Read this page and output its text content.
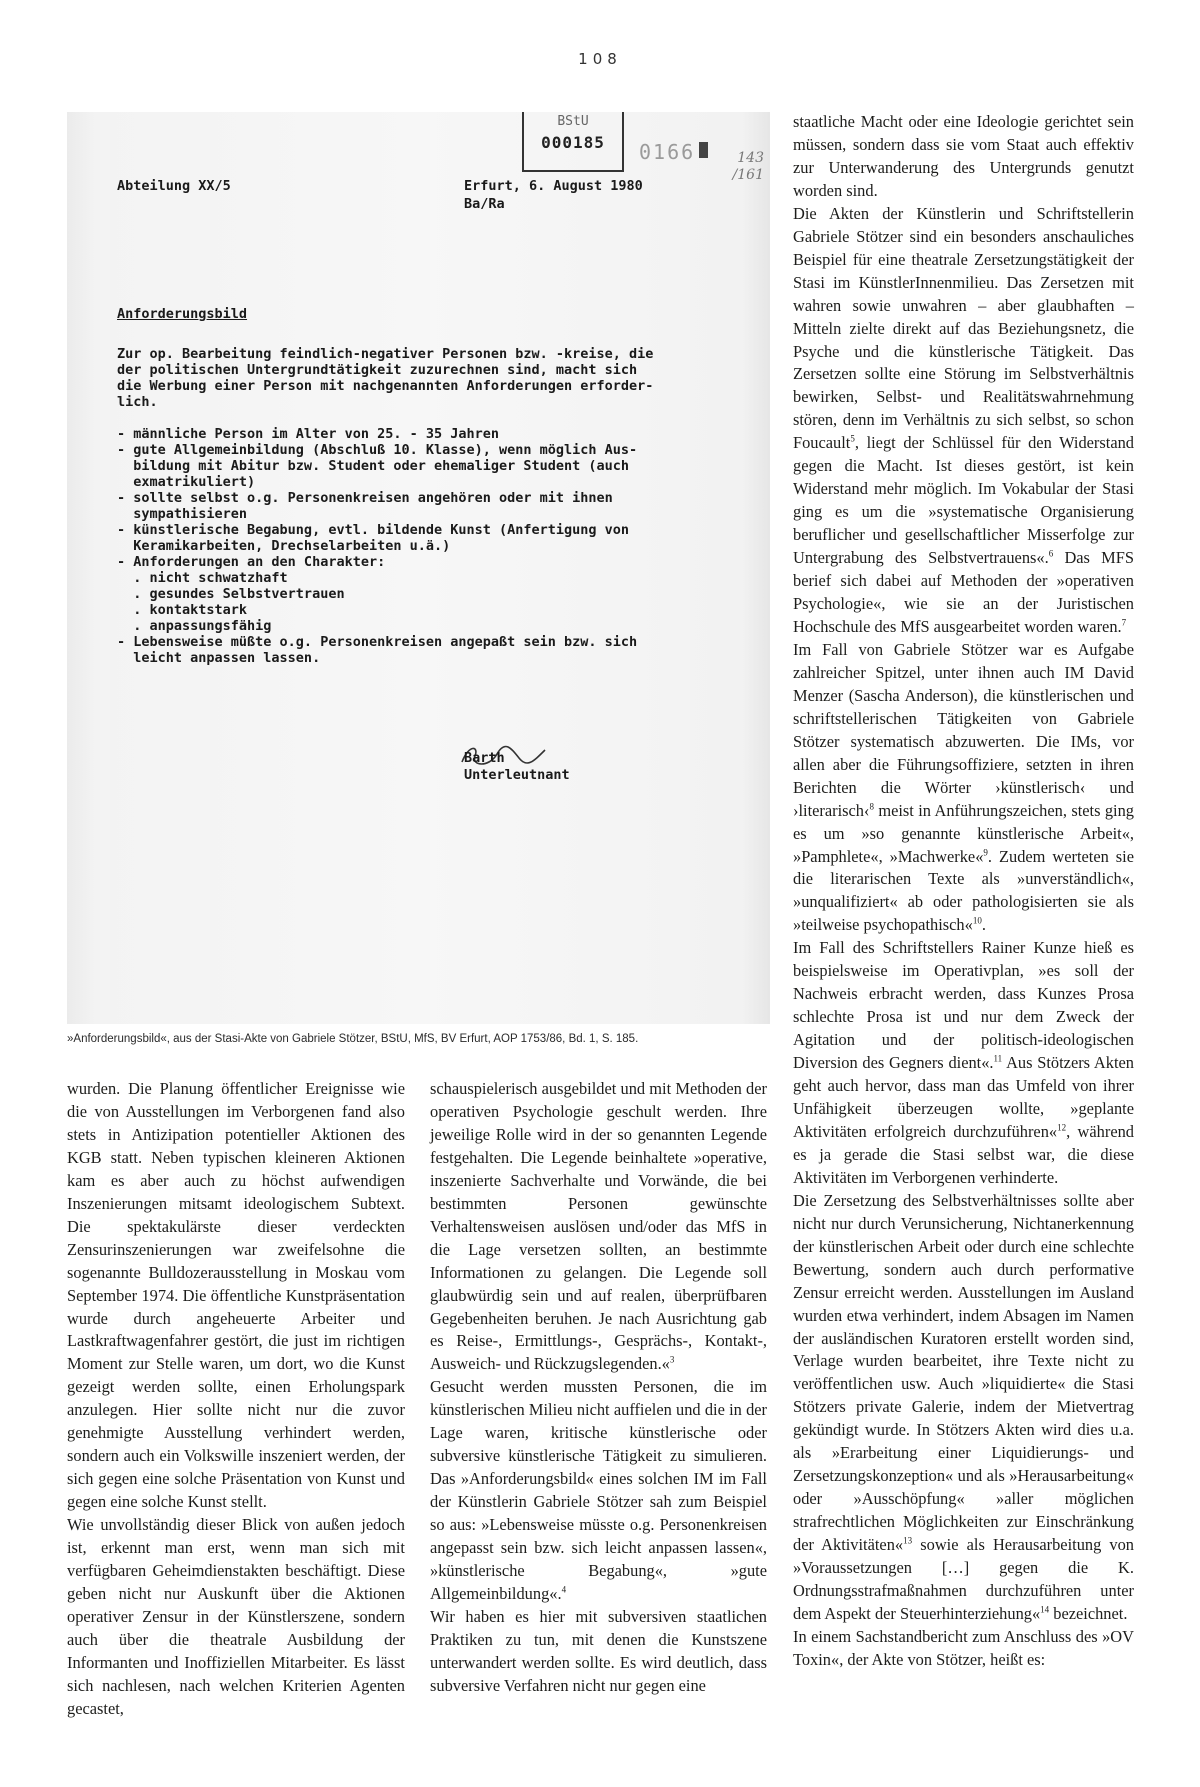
108
BStU
000185	0166	143 /161
Abteilung XX/5	Erfurt, 6. August 1980
Ba/Ra
Anforderungsbild
Zur op. Bearbeitung feindlich-negativer Personen bzw. -kreise, die
der politischen Untergrundtätigkeit zuzurechnen sind, macht sich
die Werbung einer Person mit nachgenannten Anforderungen erforder-
lich.
- männliche Person im Alter von 25. - 35 Jahren
- gute Allgemeinbildung (Abschluß 10. Klasse), wenn möglich Aus-
bildung mit Abitur bzw. Student oder ehemaliger Student (auch
exmatrikuliert)
- sollte selbst o.g. Personenkreisen angehören oder mit ihnen
sympathisieren
- künstlerische Begabung, evtl. bildende Kunst (Anfertigung von
Keramikarbeiten, Drechselarbeiten u.ä.)
- Anforderungen an den Charakter:
. nicht schwatzhaft
. gesundes Selbstvertrauen
. kontaktstark
. anpassungsfähig
- Lebensweise müßte o.g. Personenkreisen angepaßt sein bzw. sich
leicht anpassen lassen.
Barth
Unterleutnant
»Anforderungsbild«, aus der Stasi-Akte von Gabriele Stötzer, BStU, MfS, BV Erfurt, AOP 1753/86, Bd. 1, S. 185.

wurden. Die Planung öffentlicher Ereignisse wie die von Ausstellungen im Verborgenen fand also stets in Antizipation potentieller Aktionen des KGB statt. Neben typischen kleineren Aktionen kam es aber auch zu höchst aufwendigen Inszenierungen mitsamt ideologischem Subtext. Die spektakulärste dieser verdeckten Zensurinszenierungen war zweifelsohne die sogenannte Bulldozerausstellung in Moskau vom September 1974. Die öffentliche Kunstpräsentation wurde durch angeheuerte Arbeiter und Lastkraftwagenfahrer gestört, die just im richtigen Moment zur Stelle waren, um dort, wo die Kunst gezeigt werden sollte, einen Erholungspark anzulegen. Hier sollte nicht nur die zuvor genehmigte Ausstellung verhindert werden, sondern auch ein Volkswille inszeniert werden, der sich gegen eine solche Präsentation von Kunst und gegen eine solche Kunst stellt.

Wie unvollständig dieser Blick von außen jedoch ist, erkennt man erst, wenn man sich mit verfügbaren Geheimdienstakten beschäftigt. Diese geben nicht nur Auskunft über die Aktionen operativer Zensur in der Künstlerszene, sondern auch über die theatrale Ausbildung der Informanten und Inoffiziellen Mitarbeiter. Es lässt sich nachlesen, nach welchen Kriterien Agenten gecastet,

schauspielerisch ausgebildet und mit Methoden der operativen Psychologie geschult werden. Ihre jeweilige Rolle wird in der so genannten Legende festgehalten. Die Legende beinhaltete »operative, inszenierte Sachverhalte und Vorwände, die bei bestimmten Personen gewünschte Verhaltensweisen auslösen und/oder das MfS in die Lage versetzen sollten, an bestimmte Informationen zu gelangen. Die Legende soll glaubwürdig sein und auf realen, überprüfbaren Gegebenheiten beruhen. Je nach Ausrichtung gab es Reise-, Ermittlungs-, Gesprächs-, Kontakt-, Ausweich- und Rückzugslegenden.«$^3$

Gesucht werden mussten Personen, die im künstlerischen Milieu nicht auffielen und die in der Lage waren, kritische künstlerische oder subversive künstlerische Tätigkeit zu simulieren. Das »Anforderungsbild« eines solchen IM im Fall der Künstlerin Gabriele Stötzer sah zum Beispiel so aus: »Lebensweise müsste o.g. Personenkreisen angepasst sein bzw. sich leicht anpassen lassen«, »künstlerische Begabung«, »gute Allgemeinbildung«.$^4$

Wir haben es hier mit subversiven staatlichen Praktiken zu tun, mit denen die Kunstszene unterwandert werden sollte. Es wird deutlich, dass subversive Verfahren nicht nur gegen eine

staatliche Macht oder eine Ideologie gerichtet sein müssen, sondern dass sie vom Staat auch effektiv zur Unterwanderung des Untergrunds genutzt worden sind.

Die Akten der Künstlerin und Schriftstellerin Gabriele Stötzer sind ein besonders anschauliches Beispiel für eine theatrale Zersetzungstätigkeit der Stasi im KünstlerInnenmilieu. Das Zersetzen mit wahren sowie unwahren – aber glaubhaften – Mitteln zielte direkt auf das Beziehungsnetz, die Psyche und die künstlerische Tätigkeit. Das Zersetzen sollte eine Störung im Selbstverhältnis bewirken, Selbst- und Realitätswahrnehmung stören, denn im Verhältnis zu sich selbst, so schon Foucault$^5$, liegt der Schlüssel für den Widerstand gegen die Macht. Ist dieses gestört, ist kein Widerstand mehr möglich. Im Vokabular der Stasi ging es um die »systematische Organisierung beruflicher und gesellschaftlicher Misserfolge zur Untergrabung des Selbstvertrauens«.$^6$ Das MFS berief sich dabei auf Methoden der »operativen Psychologie«, wie sie an der Juristischen Hochschule des MfS ausgearbeitet worden waren.$^7$

Im Fall von Gabriele Stötzer war es Aufgabe zahlreicher Spitzel, unter ihnen auch IM David Menzer (Sascha Anderson), die künstlerischen und schriftstellerischen Tätigkeiten von Gabriele Stötzer systematisch abzuwerten. Die IMs, vor allen aber die Führungsoffiziere, setzten in ihren Berichten die Wörter ›künstlerisch‹ und ›literarisch‹$^8$ meist in Anführungszeichen, stets ging es um »so genannte künstlerische Arbeit«, »Pamphlete«, »Machwerke«$^9$. Zudem werteten sie die literarischen Texte als »unverständlich«, »unqualifiziert« ab oder pathologisierten sie als »teilweise psychopathisch«$^{10}$.

Im Fall des Schriftstellers Rainer Kunze hieß es beispielsweise im Operativplan, »es soll der Nachweis erbracht werden, dass Kunzes Prosa schlechte Prosa ist und nur dem Zweck der Agitation und der politisch-ideologischen Diversion des Gegners dient«.$^{11}$ Aus Stötzers Akten geht auch hervor, dass man das Umfeld von ihrer Unfähigkeit überzeugen wollte, »geplante Aktivitäten erfolgreich durchzuführen«$^{12}$, während es ja gerade die Stasi selbst war, die diese Aktivitäten im Verborgenen verhinderte.

Die Zersetzung des Selbstverhältnisses sollte aber nicht nur durch Verunsicherung, Nichtanerkennung der künstlerischen Arbeit oder durch eine schlechte Bewertung, sondern auch durch performative Zensur erreicht werden. Ausstellungen im Ausland wurden etwa verhindert, indem Absagen im Namen der ausländischen Kuratoren erstellt worden sind, Verlage wurden bearbeitet, ihre Texte nicht zu veröffentlichen usw. Auch »liquidierte« die Stasi Stötzers private Galerie, indem der Mietvertrag gekündigt wurde. In Stötzers Akten wird dies u.a. als »Erarbeitung einer Liquidierungs- und Zersetzungskonzeption« und als »Herausarbeitung« oder »Ausschöpfung« »aller möglichen strafrechtlichen Möglichkeiten zur Einschränkung der Aktivitäten«$^{13}$ sowie als Herausarbeitung von »Voraussetzungen […] gegen die K. Ordnungsstrafmaßnahmen durchzuführen unter dem Aspekt der Steuerhinterziehung«$^{14}$ bezeichnet.

In einem Sachstandbericht zum Anschluss des »OV Toxin«, der Akte von Stötzer, heißt es:
